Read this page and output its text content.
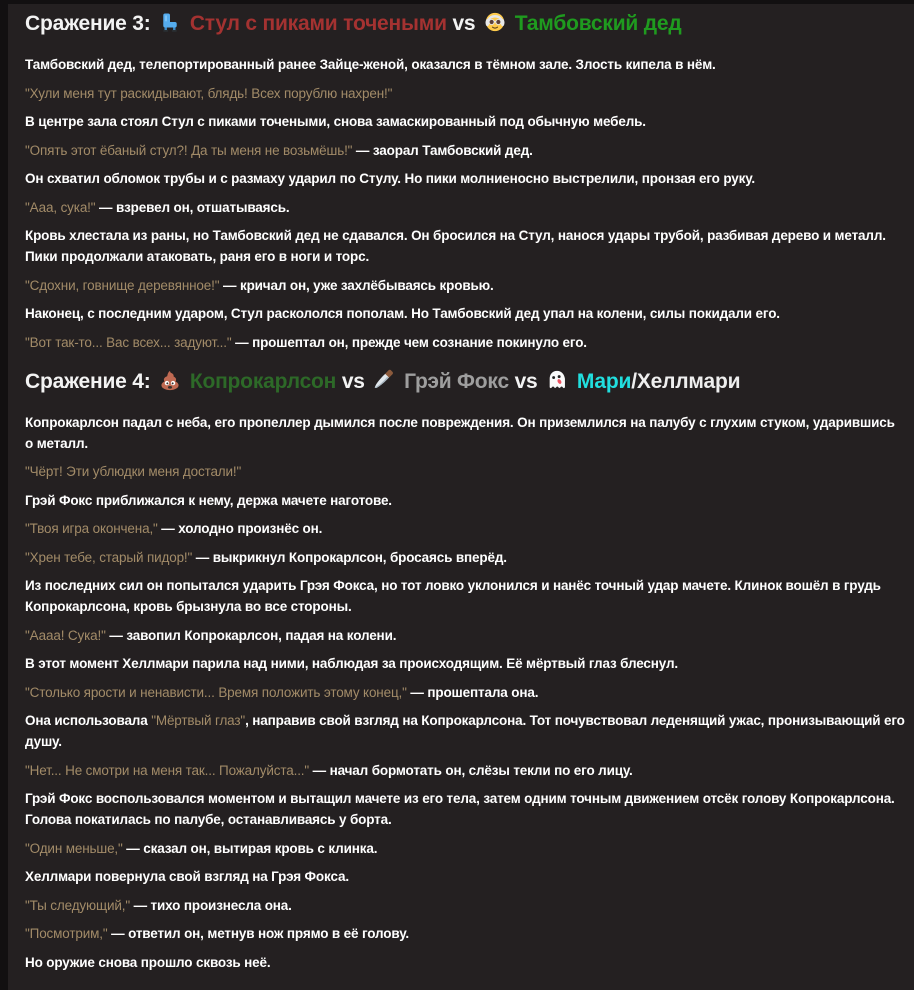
Сражение 3: Стул с пиками точеными vs Тамбовский дед

Тамбовский дед, телепортированный ранее Зайце-женой, оказался в тёмном зале. Злость кипела в нём.

"Хули меня тут раскидывают, блядь! Всех порублю нахрен!"

В центре зала стоял Стул с пиками точеными, снова замаскированный под обычную мебель.

"Опять этот ёбаный стул?! Да ты меня не возьмёшь!" — заорал Тамбовский дед.

Он схватил обломок трубы и с размаху ударил по Стулу. Но пики молниеносно выстрелили, пронзая его руку.

"Ааа, сука!" — взревел он, отшатываясь.

Кровь хлестала из раны, но Тамбовский дед не сдавался. Он бросился на Стул, нанося удары трубой, разбивая дерево и металл. Пики продолжали атаковать, раня его в ноги и торс.

"Сдохни, говнище деревянное!" — кричал он, уже захлёбываясь кровью.

Наконец, с последним ударом, Стул раскололся пополам. Но Тамбовский дед упал на колени, силы покидали его.

"Вот так-то... Вас всех... задуют..." — прошептал он, прежде чем сознание покинуло его.

Сражение 4: Копрокарлсон vs Грэй Фокс vs Мари/Хеллмари

Копрокарлсон падал с неба, его пропеллер дымился после повреждения. Он приземлился на палубу с глухим стуком, ударившись о металл.

"Чёрт! Эти ублюдки меня достали!"

Грэй Фокс приближался к нему, держа мачете наготове.

"Твоя игра окончена," — холодно произнёс он.

"Хрен тебе, старый пидор!" — выкрикнул Копрокарлсон, бросаясь вперёд.

Из последних сил он попытался ударить Грэя Фокса, но тот ловко уклонился и нанёс точный удар мачете. Клинок вошёл в грудь Копрокарлсона, кровь брызнула во все стороны.

"Аааа! Сука!" — завопил Копрокарлсон, падая на колени.

В этот момент Хеллмари парила над ними, наблюдая за происходящим. Её мёртвый глаз блеснул.

"Столько ярости и ненависти... Время положить этому конец," — прошептала она.

Она использовала "Мёртвый глаз", направив свой взгляд на Копрокарлсона. Тот почувствовал леденящий ужас, пронизывающий его душу.

"Нет... Не смотри на меня так... Пожалуйста..." — начал бормотать он, слёзы текли по его лицу.

Грэй Фокс воспользовался моментом и вытащил мачете из его тела, затем одним точным движением отсёк голову Копрокарлсона. Голова покатилась по палубе, останавливаясь у борта.

"Один меньше," — сказал он, вытирая кровь с клинка.

Хеллмари повернула свой взгляд на Грэя Фокса.

"Ты следующий," — тихо произнесла она.

"Посмотрим," — ответил он, метнув нож прямо в её голову.

Но оружие снова прошло сквозь неё.
